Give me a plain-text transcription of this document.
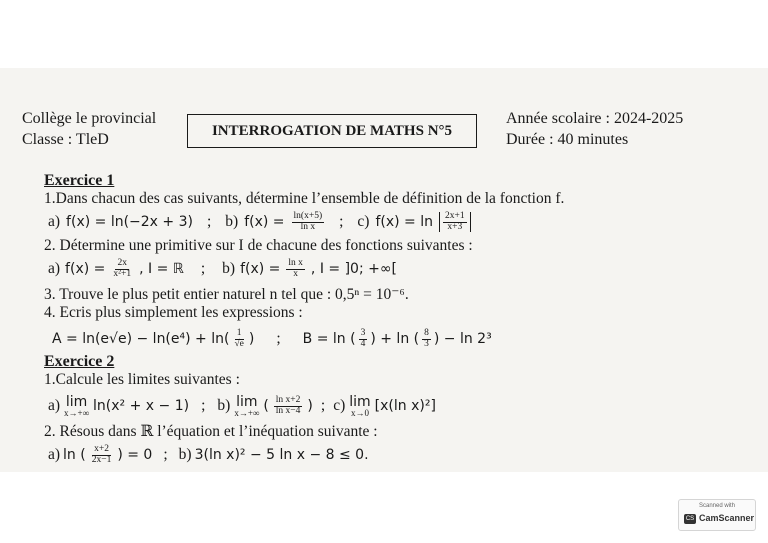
Collège le provincial
Classe : TleD
INTERROGATION DE MATHS N°5
Année scolaire : 2024-2025
Durée : 40 minutes
Exercice 1
1.Dans chacun des cas suivants, détermine l’ensemble de définition de la fonction f.
a) f(x) = ln(−2x + 3) ; b) $f(x) = \frac{\ln(x+5)}{\text{ln x}}$ ; c) $f(x) = \ln \frac{2x+1}{x+3}$
2. Détermine une primitive sur I de chacune des fonctions suivantes :
a) $f(x) = \frac{2x}{\text{x²+1}}$ , I = ℝ ; b) $f(x) = \frac{\text{ln x}}{x}$ , I = ]0; +∞[
3. Trouve le plus petit entier naturel n tel que : 0,5ⁿ = 10⁻⁶.
4. Ecris plus simplement les expressions :
$A = \ln(e√e) - \ln(e^4) + \ln( \frac{1}{√e}$ ) ; B = ln ( $\frac{3}{4}$ ) + ln ( $\frac{8}{3}$ ) − ln 2³
Exercice 2
1.Calcule les limites suivantes :
a) lim
x→+∞ ln(x² + x − 1) ; b) lim
x→+∞ ( $\frac{\text{ln x+2}}{\text{ln x−4}}$ ) ; c) lim
x→0 [x(ln x)²]
2. Résous dans ℝ l’équation et l’inéquation suivante :
a) ln ( $\frac{x+2}{2x-1}$ ) = 0 ; b) 3(ln x)² − 5 ln x − 8 ≤ 0.
Scanned with
CS CamScanner
